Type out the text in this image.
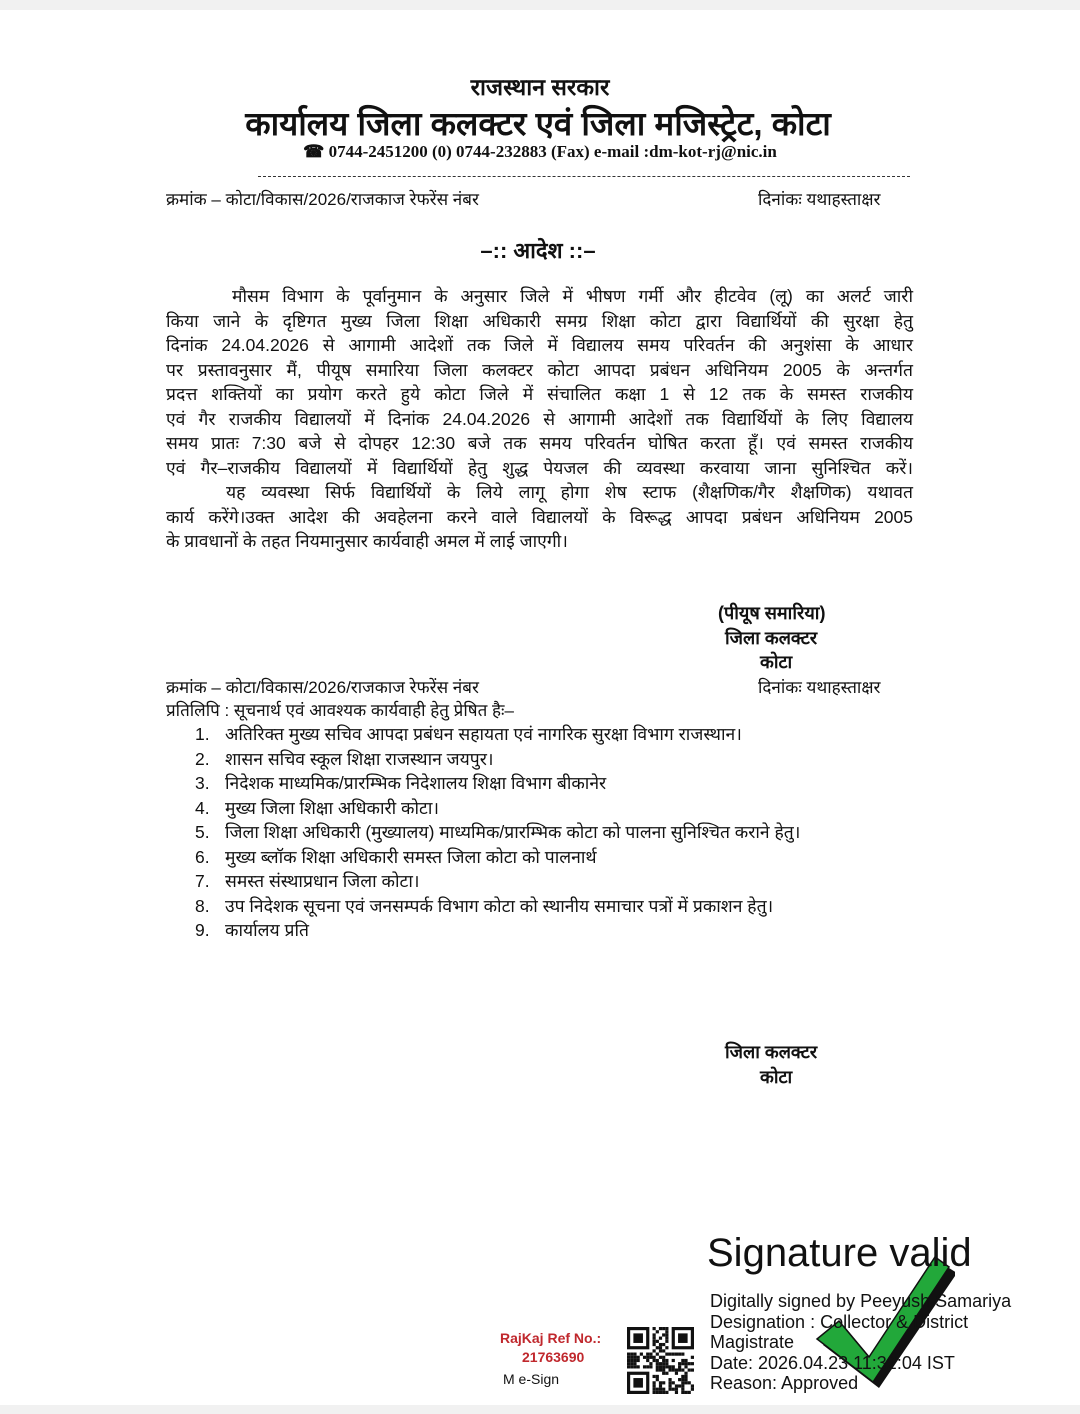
राजस्थान सरकार
कार्यालय जिला कलक्टर एवं जिला मजिस्ट्रेट, कोटा
☎ 0744-2451200 (0) 0744-232883 (Fax) e-mail :dm-kot-rj@nic.in
क्रमांक – कोटा/विकास/2026/राजकाज रेफरेंस नंबर	दिनांकः यथाहस्ताक्षर
–:: आदेश ::–
मौसम विभाग के पूर्वानुमान के अनुसार जिले में भीषण गर्मी और हीटवेव (लू) का अलर्ट जारी
किया जाने के दृष्टिगत मुख्य जिला शिक्षा अधिकारी समग्र शिक्षा कोटा द्वारा विद्यार्थियों की सुरक्षा हेतु
दिनांक 24.04.2026 से आगामी आदेशों तक जिले में विद्यालय समय परिवर्तन की अनुशंसा के आधार
पर प्रस्तावनुसार मैं, पीयूष समारिया जिला कलक्टर कोटा आपदा प्रबंधन अधिनियम 2005 के अन्तर्गत
प्रदत्त शक्तियों का प्रयोग करते हुये कोटा जिले में संचालित कक्षा 1 से 12 तक के समस्त राजकीय
एवं गैर राजकीय विद्यालयों में दिनांक 24.04.2026 से आगामी आदेशों तक विद्यार्थियों के लिए विद्यालय
समय प्रातः 7:30 बजे से दोपहर 12:30 बजे तक समय परिवर्तन घोषित करता हूँ। एवं समस्त राजकीय
एवं गैर–राजकीय विद्यालयों में विद्यार्थियों हेतु शुद्ध पेयजल की व्यवस्था करवाया जाना सुनिश्चित करें।
यह व्यवस्था सिर्फ विद्यार्थियों के लिये लागू होगा शेष स्टाफ (शैक्षणिक/गैर शैक्षणिक) यथावत
कार्य करेंगे।उक्त आदेश की अवहेलना करने वाले विद्यालयों के विरूद्ध आपदा प्रबंधन अधिनियम 2005
के प्रावधानों के तहत नियमानुसार कार्यवाही अमल में लाई जाएगी।
(पीयूष समारिया)
जिला कलक्टर
कोटा
क्रमांक – कोटा/विकास/2026/राजकाज रेफरेंस नंबर	दिनांकः यथाहस्ताक्षर
प्रतिलिपि : सूचनार्थ एवं आवश्यक कार्यवाही हेतु प्रेषित हैः–
1. अतिरिक्त मुख्य सचिव आपदा प्रबंधन सहायता एवं नागरिक सुरक्षा विभाग राजस्थान।
2. शासन सचिव स्कूल शिक्षा राजस्थान जयपुर।
3. निदेशक माध्यमिक/प्रारम्भिक निदेशालय शिक्षा विभाग बीकानेर
4. मुख्य जिला शिक्षा अधिकारी कोटा।
5. जिला शिक्षा अधिकारी (मुख्यालय) माध्यमिक/प्रारम्भिक कोटा को पालना सुनिश्चित कराने हेतु।
6. मुख्य ब्लॉक शिक्षा अधिकारी समस्त जिला कोटा को पालनार्थ
7. समस्त संस्थाप्रधान जिला कोटा।
8. उप निदेशक सूचना एवं जनसम्पर्क विभाग कोटा को स्थानीय समाचार पत्रों में प्रकाशन हेतु।
9. कार्यालय प्रति
जिला कलक्टर
कोटा
RajKaj Ref No.:
21763690
M e-Sign
Signature valid
Digitally signed by Peeyush Samariya
Designation : Collector & District
Magistrate
Date: 2026.04.23 11:32:04 IST
Reason: Approved
